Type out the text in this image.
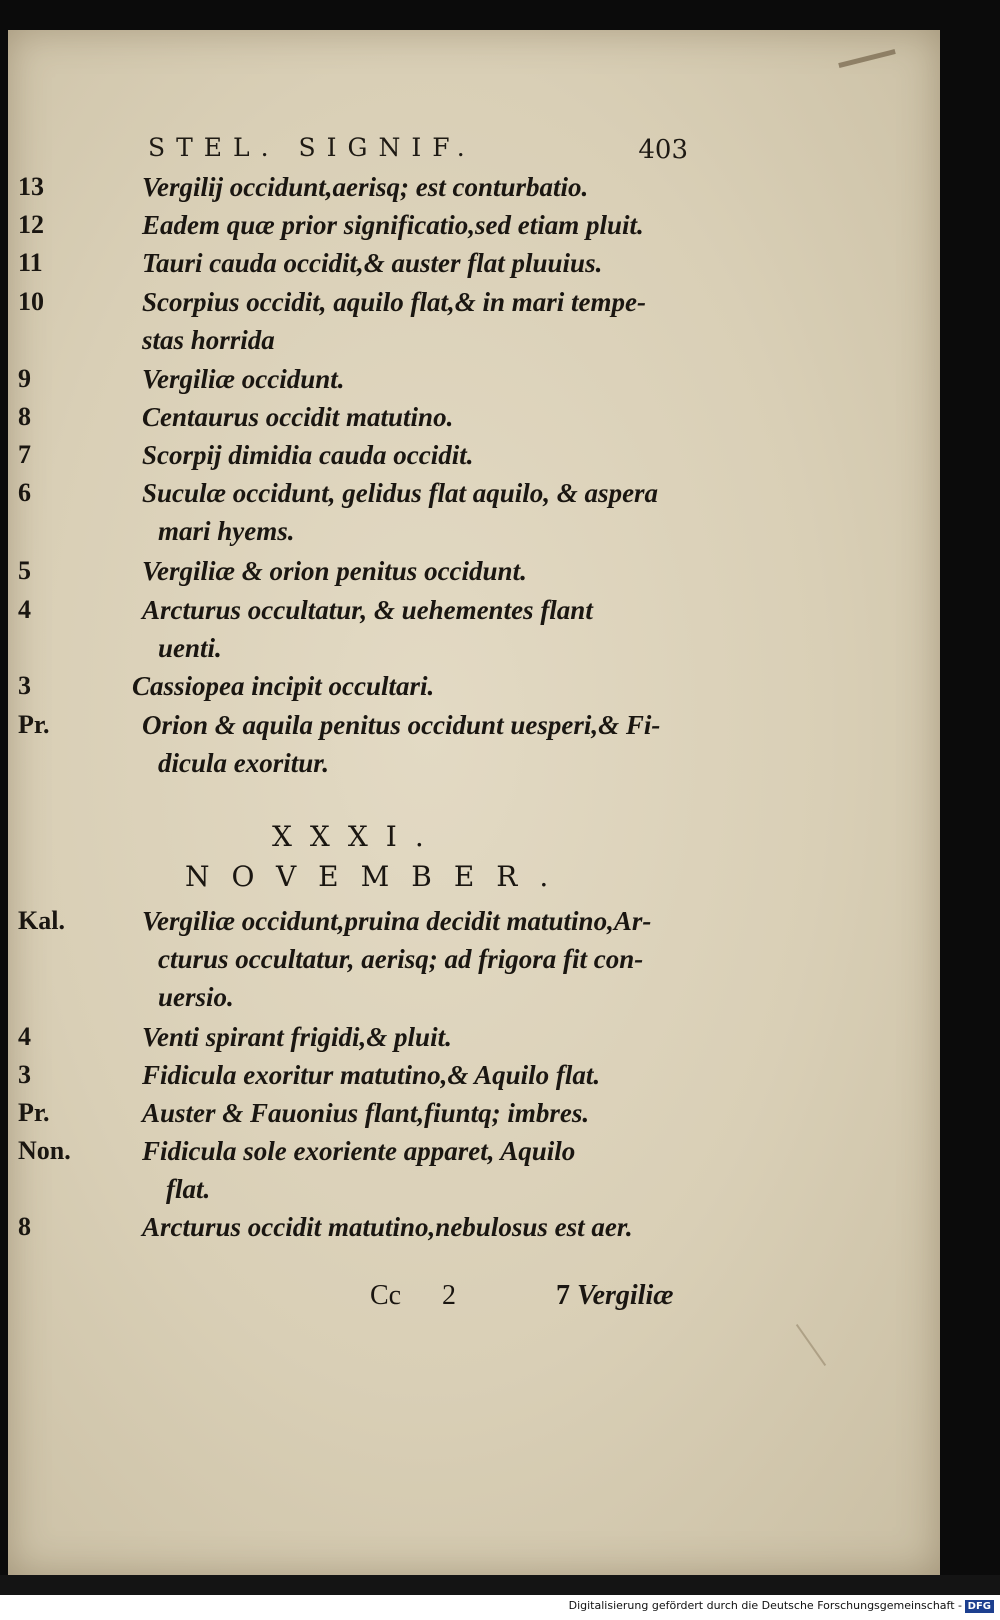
STEL. SIGNIF.	403
13	Vergilij occidunt,aerisq; est conturbatio.
12	Eadem quæ prior significatio,sed etiam pluit.
11	Tauri cauda occidit,& auster flat pluuius.
10	Scorpius occidit, aquilo flat,& in mari tempe-
stas horrida
9	Vergiliæ occidunt.
8	Centaurus occidit matutino.
7	Scorpij dimidia cauda occidit.
6	Suculæ occidunt, gelidus flat aquilo, & aspera
mari hyems.
5	Vergiliæ & orion penitus occidunt.
4	Arcturus occultatur, & uehementes flant
uenti.
3	Cassiopea incipit occultari.
Pr.	Orion & aquila penitus occidunt uesperi,& Fi-
dicula exoritur.
XXXI.
NOVEMBER.
Kal.	Vergiliæ occidunt,pruina decidit matutino,Ar-
cturus occultatur, aerisq; ad frigora fit con-
uersio.
4	Venti spirant frigidi,& pluit.
3	Fidicula exoritur matutino,& Aquilo flat.
Pr.	Auster & Fauonius flant,fiuntq; imbres.
Non.	Fidicula sole exoriente apparet, Aquilo
flat.
8	Arcturus occidit matutino,nebulosus est aer.
Cc 2	7 Vergiliæ
Digitalisierung gefördert durch die Deutsche Forschungsgemeinschaft - DFG
